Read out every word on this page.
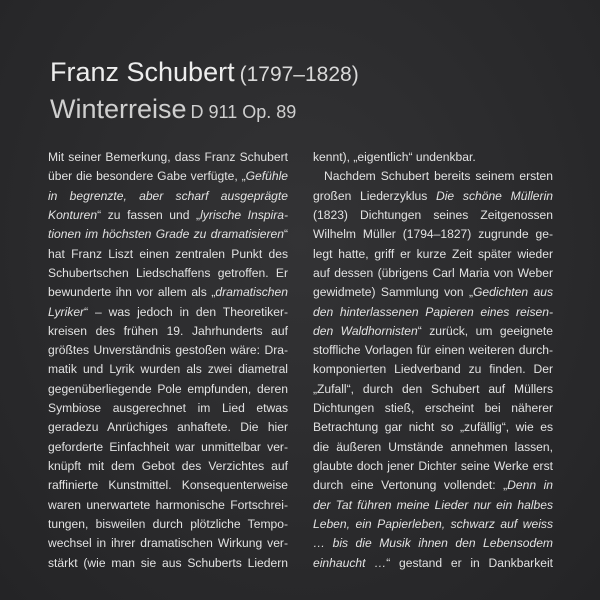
Franz Schubert (1797–1828)
Winterreise D 911 Op. 89
Mit seiner Bemerkung, dass Franz Schubert
über die besondere Gabe verfügte, „Gefühle
in begrenzte, aber scharf ausgeprägte
Konturen“ zu fassen und „lyrische Inspira-
tionen im höchsten Grade zu dramatisieren“
hat Franz Liszt einen zentralen Punkt des
Schubertschen Liedschaffens getroffen. Er
bewunderte ihn vor allem als „dramatischen
Lyriker“ – was jedoch in den Theoretiker-
kreisen des frühen 19. Jahrhunderts auf
größtes Unverständnis gestoßen wäre: Dra-
matik und Lyrik wurden als zwei diametral
gegenüberliegende Pole empfunden, deren
Symbiose ausgerechnet im Lied etwas
geradezu Anrüchiges anhaftete. Die hier
geforderte Einfachheit war unmittelbar ver-
knüpft mit dem Gebot des Verzichtes auf
raffinierte Kunstmittel. Konsequenterweise
waren unerwartete harmonische Fortschrei-
tungen, bisweilen durch plötzliche Tempo-
wechsel in ihrer dramatischen Wirkung ver-
stärkt (wie man sie aus Schuberts Liedern
kennt), „eigentlich“ undenkbar.
Nachdem Schubert bereits seinem ersten
großen Liederzyklus Die schöne Müllerin
(1823) Dichtungen seines Zeitgenossen
Wilhelm Müller (1794–1827) zugrunde ge-
legt hatte, griff er kurze Zeit später wieder
auf dessen (übrigens Carl Maria von Weber
gewidmete) Sammlung von „Gedichten aus
den hinterlassenen Papieren eines reisen-
den Waldhornisten“ zurück, um geeignete
stoffliche Vorlagen für einen weiteren durch-
komponierten Liedverband zu finden. Der
„Zufall“, durch den Schubert auf Müllers
Dichtungen stieß, erscheint bei näherer
Betrachtung gar nicht so „zufällig“, wie es
die äußeren Umstände annehmen lassen,
glaubte doch jener Dichter seine Werke erst
durch eine Vertonung vollendet: „Denn in
der Tat führen meine Lieder nur ein halbes
Leben, ein Papierleben, schwarz auf weiss
… bis die Musik ihnen den Lebensodem
einhaucht …“ gestand er in Dankbarkeit
